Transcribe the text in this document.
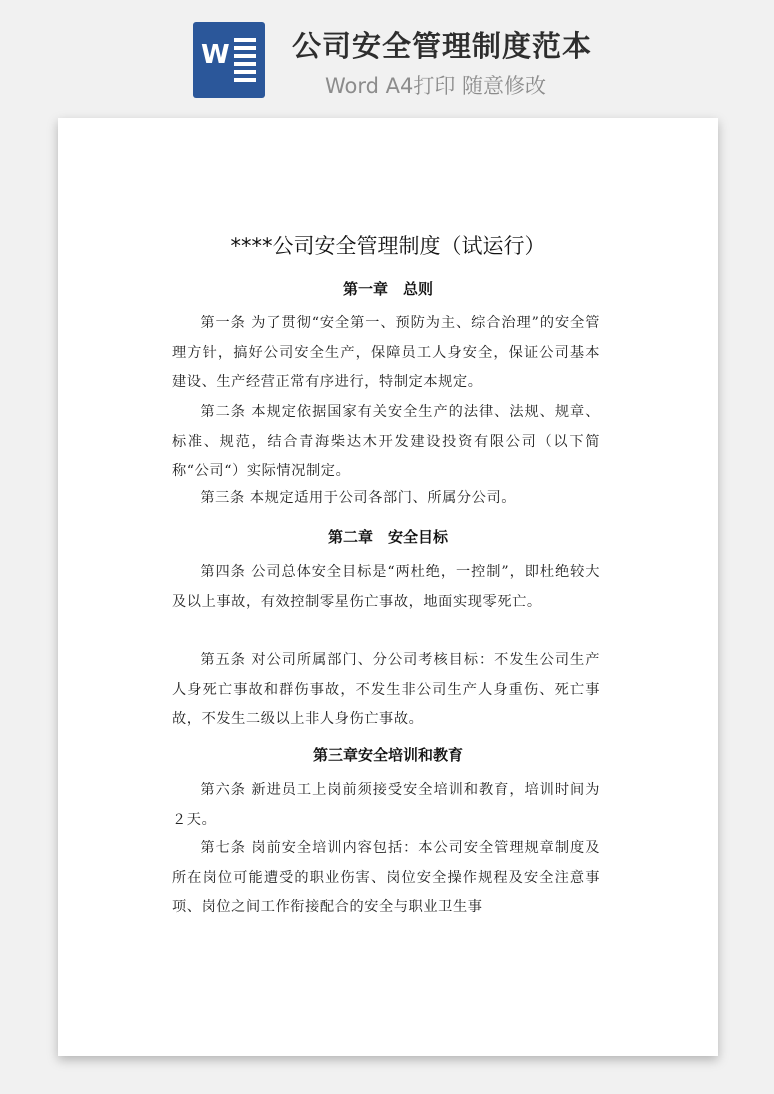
W 公司安全管理制度范本
Word A4打印 随意修改
****公司安全管理制度（试运行）
第一章　总则

第一条 为了贯彻“安全第一、预防为主、综合治理”的安全管理方针，搞好公司安全生产，保障员工人身安全，保证公司基本建设、生产经营正常有序进行，特制定本规定。

第二条 本规定依据国家有关安全生产的法律、法规、规章、标准、规范，结合青海柴达木开发建设投资有限公司（以下简称“公司“）实际情况制定。

第三条 本规定适用于公司各部门、所属分公司。

第二章　安全目标

第四条 公司总体安全目标是“两杜绝，一控制”，即杜绝较大及以上事故，有效控制零星伤亡事故，地面实现零死亡。

第五条 对公司所属部门、分公司考核目标：不发生公司生产人身死亡事故和群伤事故，不发生非公司生产人身重伤、死亡事故，不发生二级以上非人身伤亡事故。

第三章安全培训和教育

第六条 新进员工上岗前须接受安全培训和教育，培训时间为２天。

第七条 岗前安全培训内容包括：本公司安全管理规章制度及所在岗位可能遭受的职业伤害、岗位安全操作规程及安全注意事项、岗位之间工作衔接配合的安全与职业卫生事
